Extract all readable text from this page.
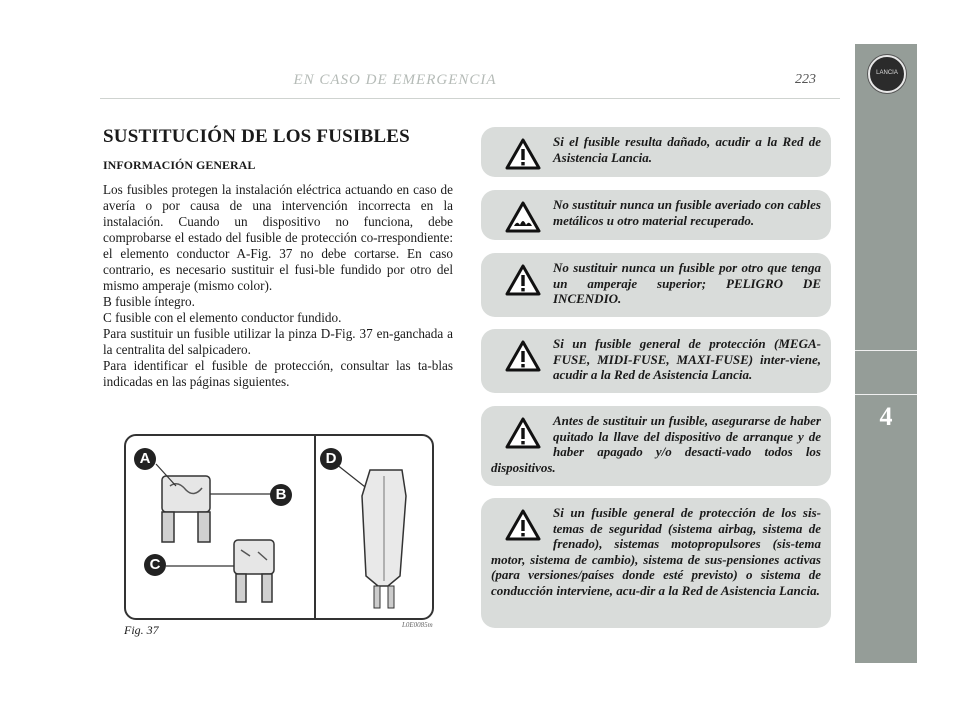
LANCIA
4
EN CASO DE EMERGENCIA	223
SUSTITUCIÓN DE LOS FUSIBLES
INFORMACIÓN GENERAL
Los fusibles protegen la instalación eléctrica actuando en caso de avería o por causa de una intervención incorrecta en la instalación. Cuando un dispositivo no funciona, debe comprobarse el estado del fusible de protección co-rrespondiente: el elemento conductor A-Fig. 37 no debe cortarse. En caso contrario, es necesario sustituir el fusi-ble fundido por otro del mismo amperaje (mismo color).
B fusible íntegro.
C fusible con el elemento conductor fundido.
Para sustituir un fusible utilizar la pinza D-Fig. 37 en-ganchada a la centralita del salpicadero.
Para identificar el fusible de protección, consultar las ta-blas indicadas en las páginas siguientes.
A
B
C
D
Fig. 37	L0E0085m

Si el fusible resulta dañado, acudir a la Red de Asistencia Lancia.

No sustituir nunca un fusible averiado con cables metálicos u otro material recuperado.

No sustituir nunca un fusible por otro que tenga un amperaje superior; PELIGRO DE INCENDIO.

Si un fusible general de protección (MEGA-FUSE, MIDI-FUSE, MAXI-FUSE) inter-viene, acudir a la Red de Asistencia Lancia.

Antes de sustituir un fusible, asegurarse de haber quitado la llave del dispositivo de arranque y de haber apagado y/o desacti-vado todos los dispositivos.

Si un fusible general de protección de los sis-temas de seguridad (sistema airbag, sistema de frenado), sistemas motopropulsores (sis-tema motor, sistema de cambio), sistema de sus-pensiones activas (para versiones/países donde esté previsto) o sistema de conducción interviene, acu-dir a la Red de Asistencia Lancia.
